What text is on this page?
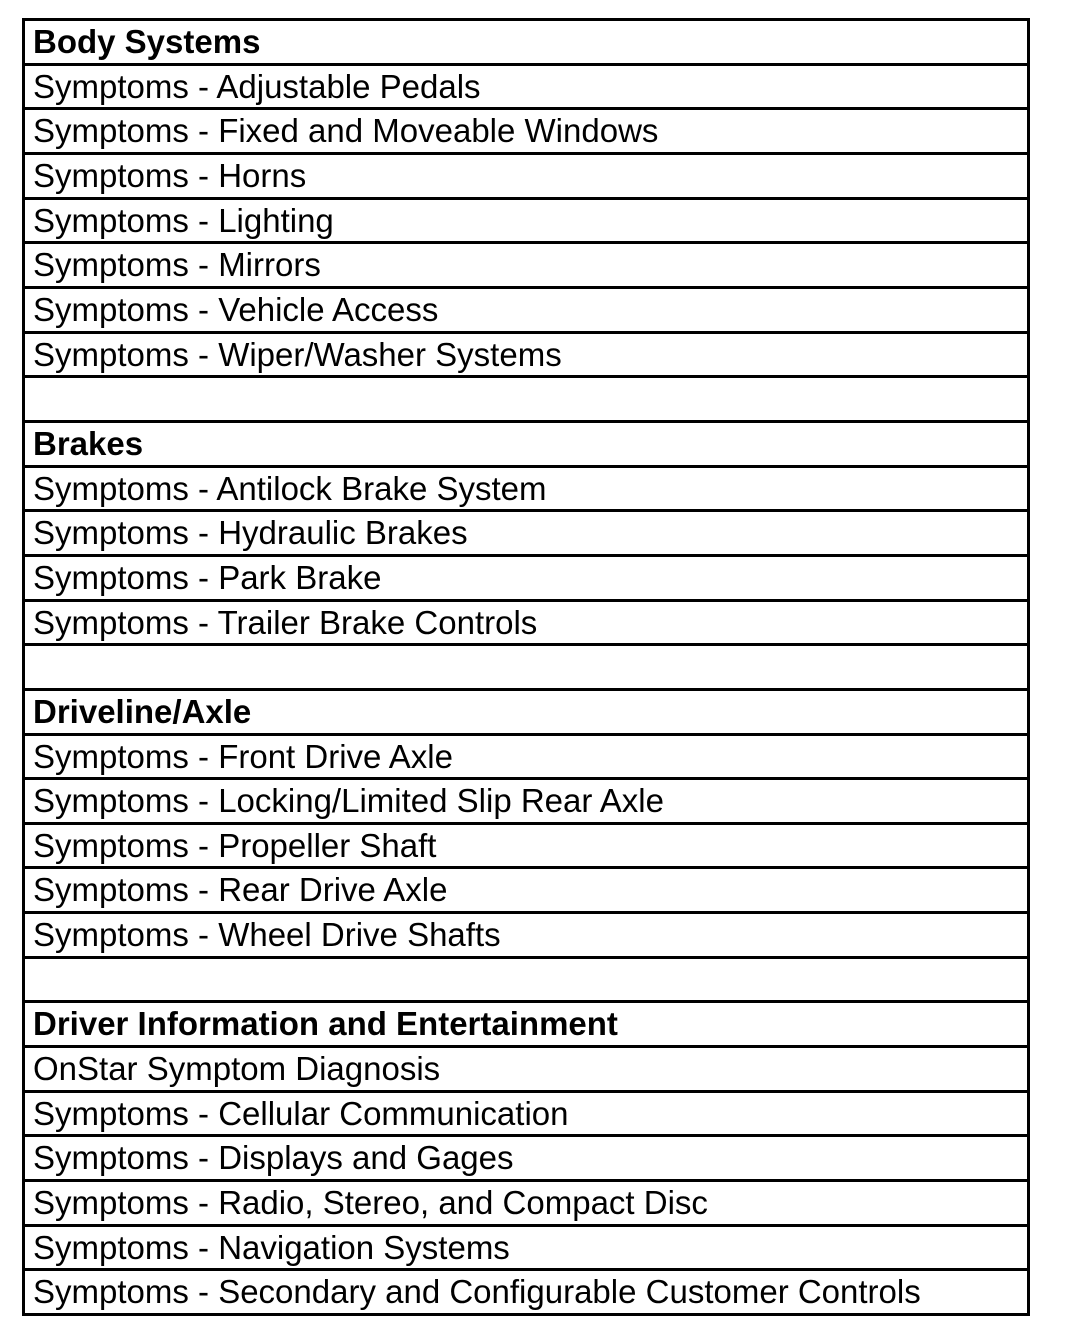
Body Systems
Symptoms - Adjustable Pedals
Symptoms - Fixed and Moveable Windows
Symptoms - Horns
Symptoms - Lighting
Symptoms - Mirrors
Symptoms - Vehicle Access
Symptoms - Wiper/Washer Systems
Brakes
Symptoms - Antilock Brake System
Symptoms - Hydraulic Brakes
Symptoms - Park Brake
Symptoms - Trailer Brake Controls
Driveline/Axle
Symptoms - Front Drive Axle
Symptoms - Locking/Limited Slip Rear Axle
Symptoms - Propeller Shaft
Symptoms - Rear Drive Axle
Symptoms - Wheel Drive Shafts
Driver Information and Entertainment
OnStar Symptom Diagnosis
Symptoms - Cellular Communication
Symptoms - Displays and Gages
Symptoms - Radio, Stereo, and Compact Disc
Symptoms - Navigation Systems
Symptoms - Secondary and Configurable Customer Controls
